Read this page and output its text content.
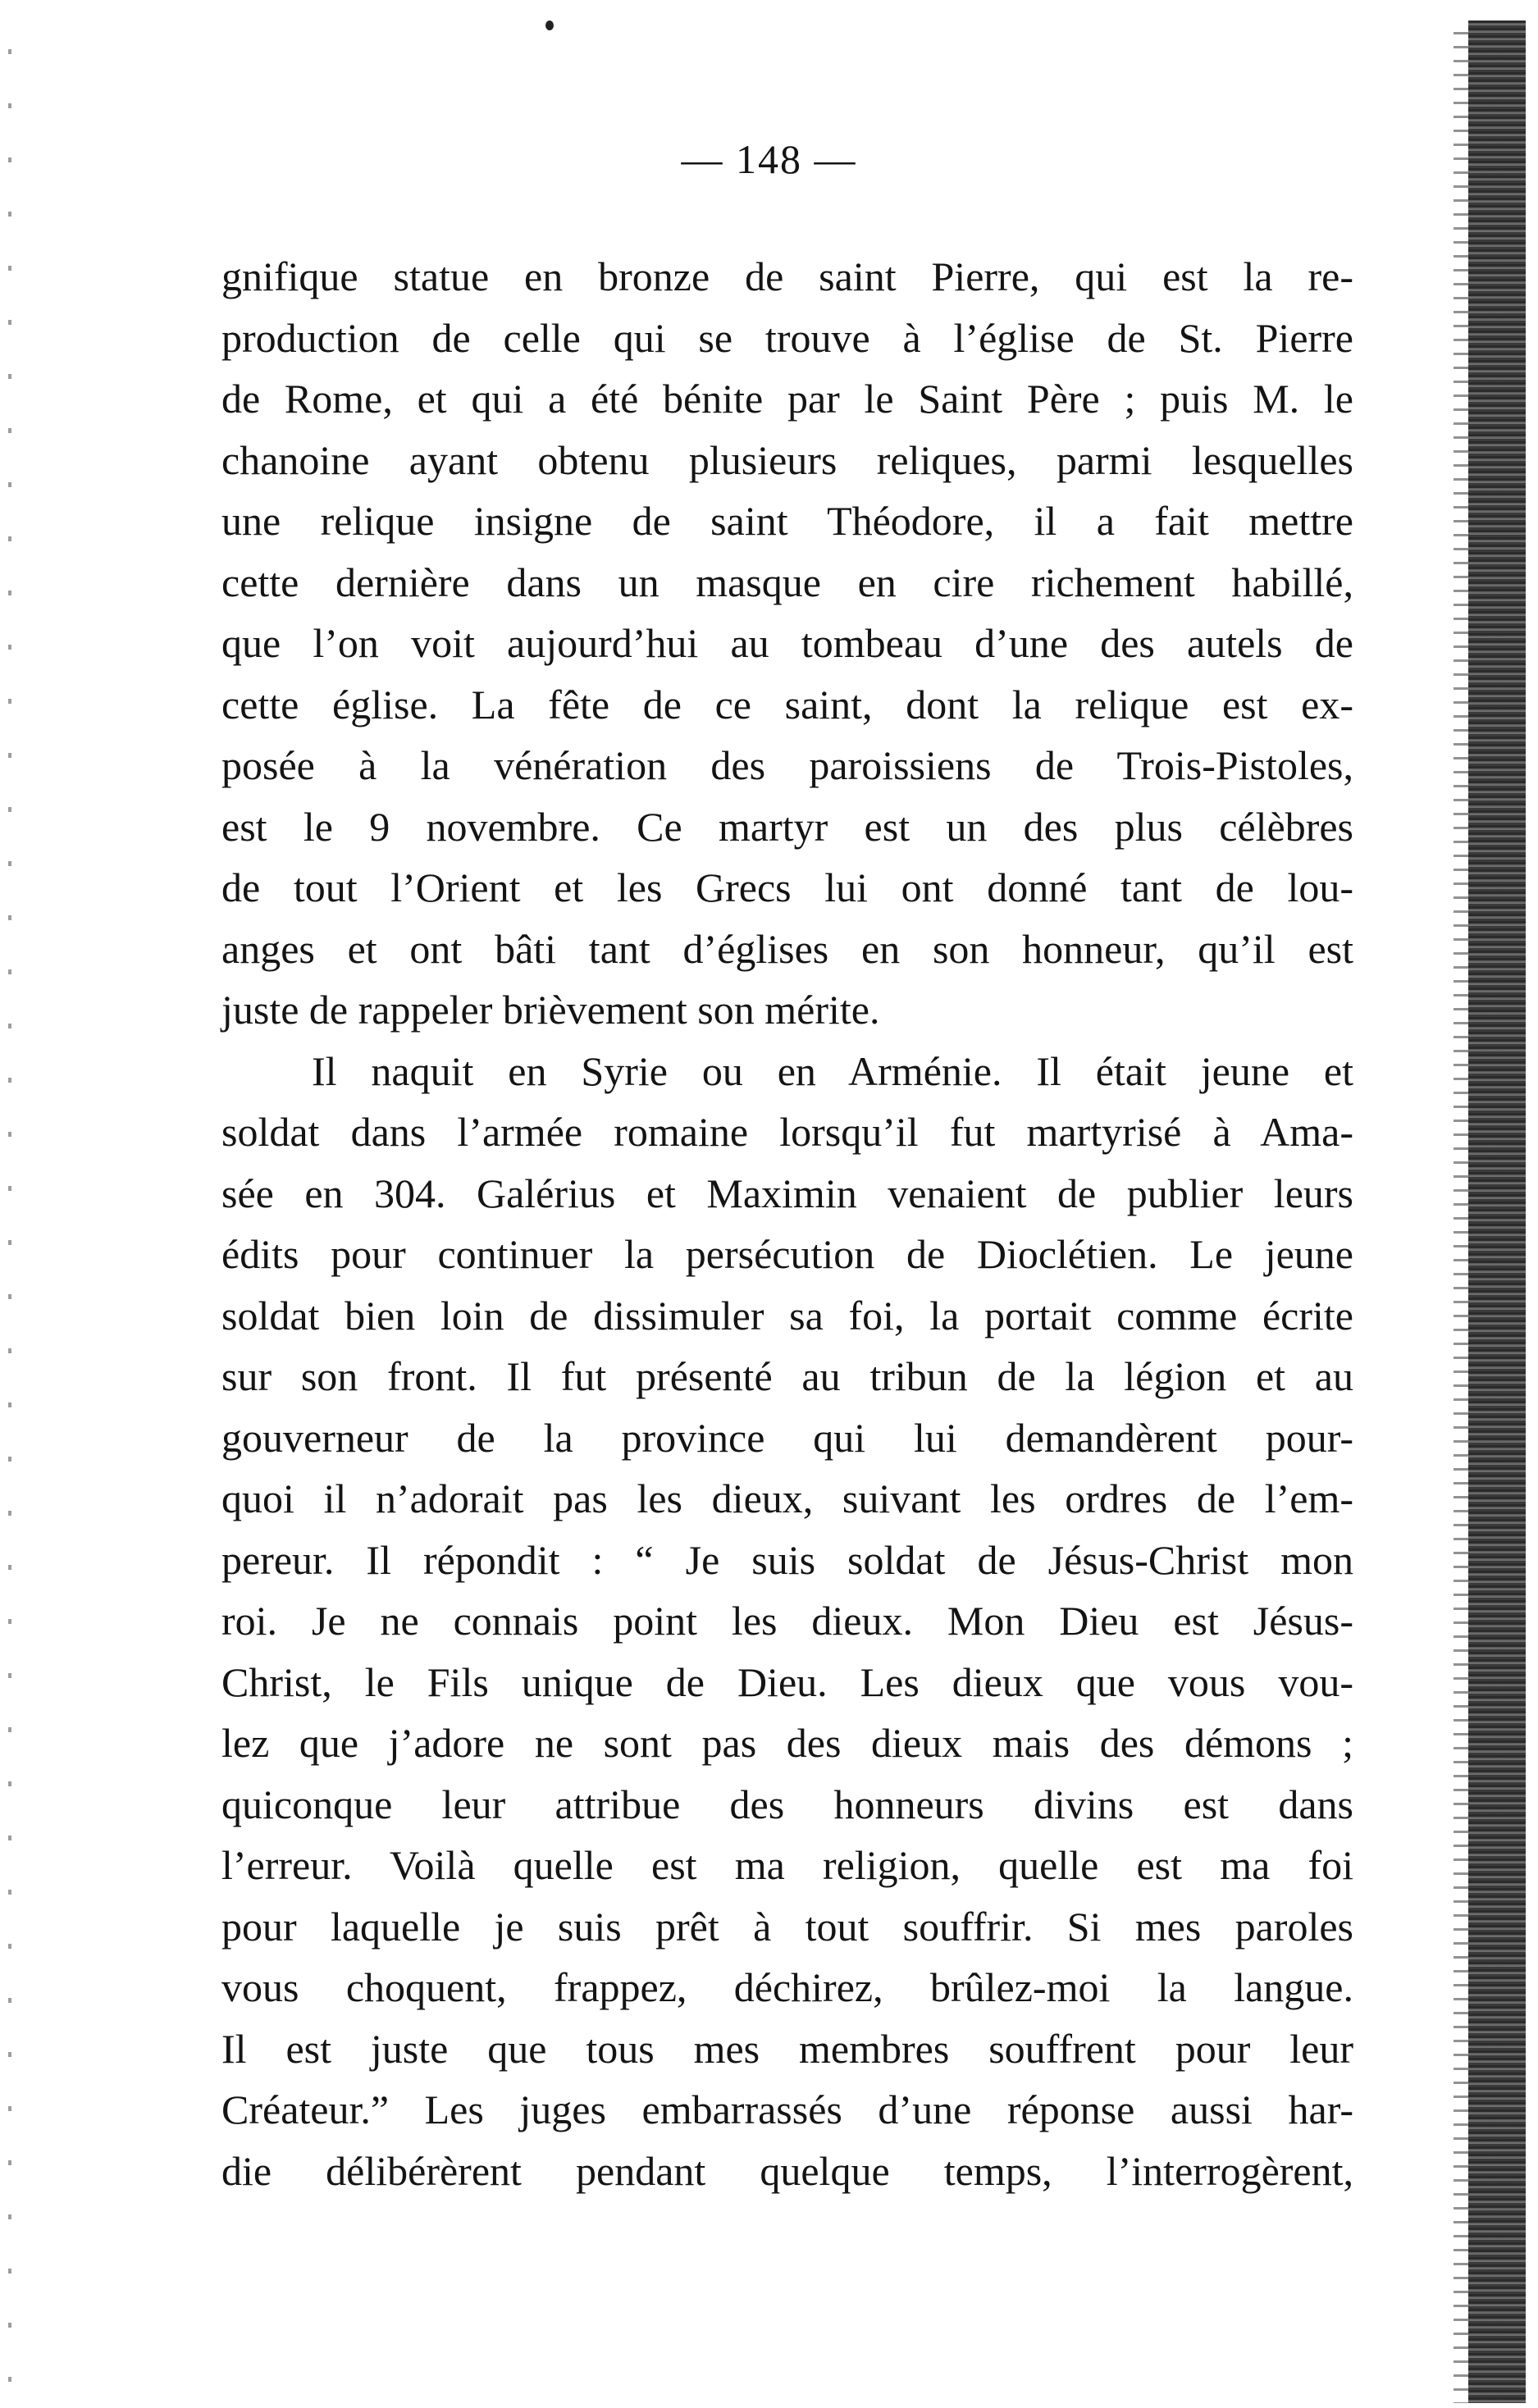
— 148 —
gnifique statue en bronze de saint Pierre, qui est la re-
production de celle qui se trouve à l’église de St. Pierre
de Rome, et qui a été bénite par le Saint Père ; puis M. le
chanoine ayant obtenu plusieurs reliques, parmi lesquelles
une relique insigne de saint Théodore, il a fait mettre
cette dernière dans un masque en cire richement habillé,
que l’on voit aujourd’hui au tombeau d’une des autels de
cette église. La fête de ce saint, dont la relique est ex-
posée à la vénération des paroissiens de Trois-Pistoles,
est le 9 novembre. Ce martyr est un des plus célèbres
de tout l’Orient et les Grecs lui ont donné tant de lou-
anges et ont bâti tant d’églises en son honneur, qu’il est
juste de rappeler brièvement son mérite.
Il naquit en Syrie ou en Arménie. Il était jeune et
soldat dans l’armée romaine lorsqu’il fut martyrisé à Ama-
sée en 304. Galérius et Maximin venaient de publier leurs
édits pour continuer la persécution de Dioclétien. Le jeune
soldat bien loin de dissimuler sa foi, la portait comme écrite
sur son front. Il fut présenté au tribun de la légion et au
gouverneur de la province qui lui demandèrent pour-
quoi il n’adorait pas les dieux, suivant les ordres de l’em-
pereur. Il répondit : “ Je suis soldat de Jésus-Christ mon
roi. Je ne connais point les dieux. Mon Dieu est Jésus-
Christ, le Fils unique de Dieu. Les dieux que vous vou-
lez que j’adore ne sont pas des dieux mais des démons ;
quiconque leur attribue des honneurs divins est dans
l’erreur. Voilà quelle est ma religion, quelle est ma foi
pour laquelle je suis prêt à tout souffrir. Si mes paroles
vous choquent, frappez, déchirez, brûlez-moi la langue.
Il est juste que tous mes membres souffrent pour leur
Créateur.” Les juges embarrassés d’une réponse aussi har-
die délibérèrent pendant quelque temps, l’interrogèrent,
